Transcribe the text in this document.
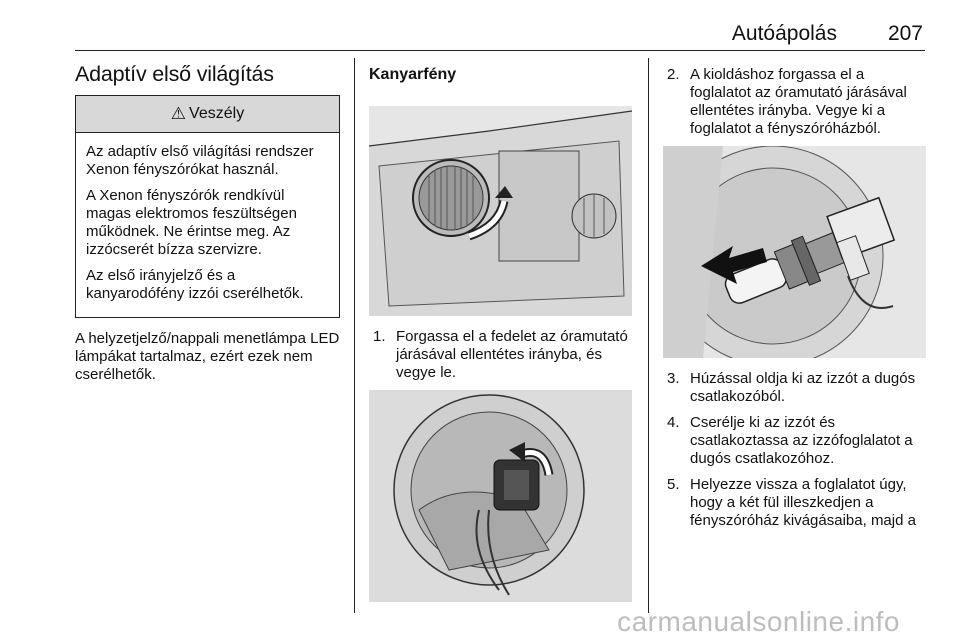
Autóápolás 207
Adaptív első világítás
⚠ Veszély

Az adaptív első világítási rendszer Xenon fényszórókat használ.

A Xenon fényszórók rendkívül magas elektromos feszültségen működnek. Ne érintse meg. Az izzócserét bízza szervizre.

Az első irányjelző és a kanyarodófény izzói cserélhetők.

A helyzetjelző/nappali menetlámpa LED lámpákat tartalmaz, ezért ezek nem cserélhetők.
Kanyarfény
1. Forgassa el a fedelet az óramutató járásával ellentétes irányba, és vegye le.
2. A kioldáshoz forgassa el a foglalatot az óramutató járásával ellentétes irányba. Vegye ki a foglalatot a fényszóróházból.
3. Húzással oldja ki az izzót a dugós csatlakozóból.
4. Cserélje ki az izzót és csatlakoztassa az izzófoglalatot a dugós csatlakozóhoz.
5. Helyezze vissza a foglalatot úgy, hogy a két fül illeszkedjen a fényszóróház kivágásaiba, majd a
carmanualsonline.info
